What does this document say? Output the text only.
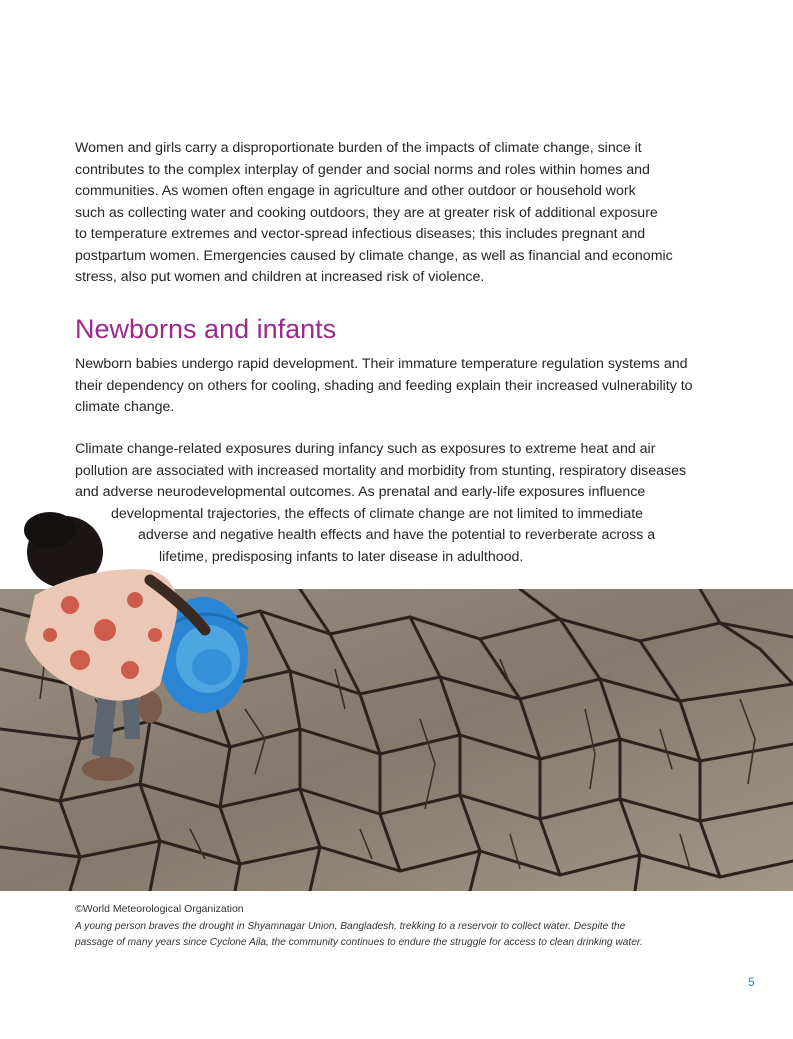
Women and girls carry a disproportionate burden of the impacts of climate change, since it
contributes to the complex interplay of gender and social norms and roles within homes and
communities. As women often engage in agriculture and other outdoor or household work
such as collecting water and cooking outdoors, they are at greater risk of additional exposure
to temperature extremes and vector-spread infectious diseases; this includes pregnant and
postpartum women. Emergencies caused by climate change, as well as financial and economic
stress, also put women and children at increased risk of violence.
Newborns and infants
Newborn babies undergo rapid development. Their immature temperature regulation systems and
their dependency on others for cooling, shading and feeding explain their increased vulnerability to
climate change.
Climate change-related exposures during infancy such as exposures to extreme heat and air
pollution are associated with increased mortality and morbidity from stunting, respiratory diseases
and adverse neurodevelopmental outcomes. As prenatal and early-life exposures influence
developmental trajectories, the effects of climate change are not limited to immediate
adverse and negative health effects and have the potential to reverberate across a
lifetime, predisposing infants to later disease in adulthood.
©World Meteorological Organization
A young person braves the drought in Shyamnagar Union, Bangladesh, trekking to a reservoir to collect water. Despite the
passage of many years since Cyclone Aila, the community continues to endure the struggle for access to clean drinking water.
5
